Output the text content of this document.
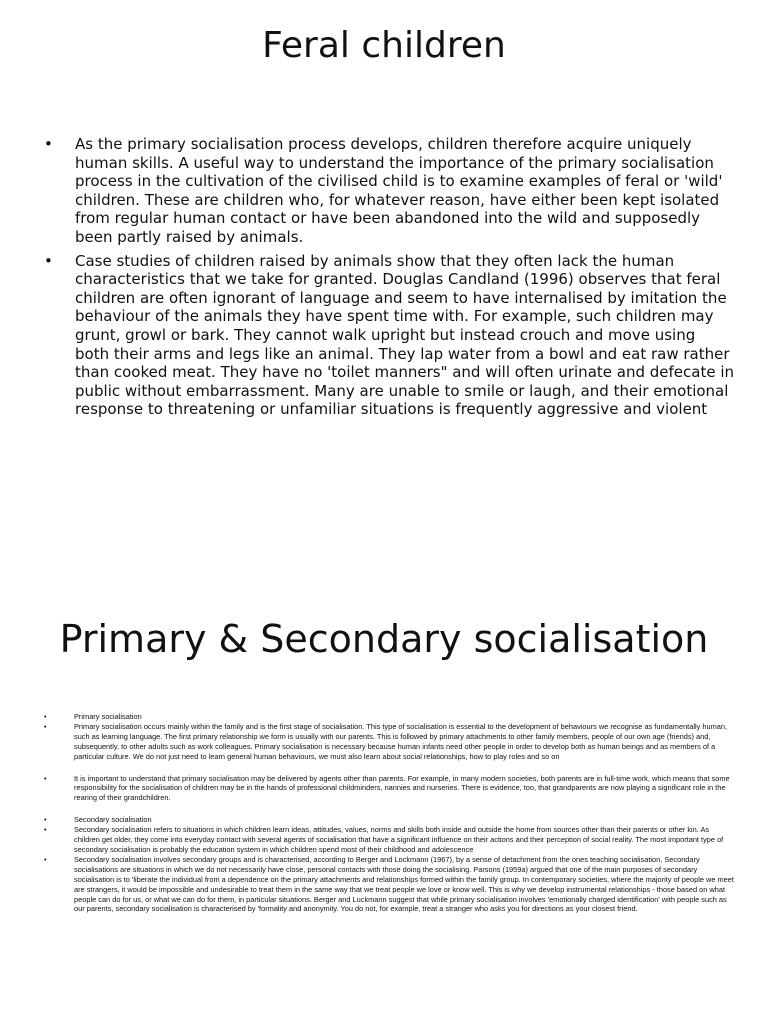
Feral children
• As the primary socialisation process develops, children therefore acquire uniquely human skills. A useful way to understand the importance of the primary socialisation process in the cultivation of the civilised child is to examine examples of feral or 'wild' children. These are children who, for whatever reason, have either been kept isolated from regular human contact or have been abandoned into the wild and supposedly been partly raised by animals.
• Case studies of children raised by animals show that they often lack the human characteristics that we take for granted. Douglas Candland (1996) observes that feral children are often ignorant of language and seem to have internalised by imitation the behaviour of the animals they have spent time with. For example, such children may grunt, growl or bark. They cannot walk upright but instead crouch and move using both their arms and legs like an animal. They lap water from a bowl and eat raw rather than cooked meat. They have no 'toilet manners" and will often urinate and defecate in public without embarrassment. Many are unable to smile or laugh, and their emotional response to threatening or unfamiliar situations is frequently aggressive and violent
Primary & Secondary socialisation
•	Primary socialisation
•	Primary socialisation occurs mainly within the family and is the first stage of socialisation. This type of socialisation is essential to the development of behaviours we recognise as fundamentally human, such as learning language. The first primary relationship we form is usually with our parents. This is followed by primary attachments to other family members, people of our own age (friends) and, subsequently, to other adults such as work colleagues. Primary socialisation is necessary because human infants need other people in order to develop both as human beings and as members of a particular culture. We do not just need to learn general human behaviours, we must also learn about social relationships, how to play roles and so on
•	It is important to understand that primary socialisation may be delivered by agents other than parents. For example, in many modern societies, both parents are in full-time work, which means that some responsibility for the socialisation of children may be in the hands of professional childminders, nannies and nurseries. There is evidence, too, that grandparents are now playing a significant role in the rearing of their grandchildren.
•	Secondary socialisation
•	Secondary socialisation refers to situations in which children learn ideas, attitudes, values, norms and skills both inside and outside the home from sources other than their parents or other kin. As children get older, they come into everyday contact with several agents of socialisation that have a significant influence on their actions and their perception of social reality. The most important type of secondary socialisation is probably the education system in which children spend most of their childhood and adolescence
•	Secondary socialisation involves secondary groups and is characterised, according to Berger and Lockmann (1967), by a sense of detachment from the ones teaching socialisation, Secondary socialisations are situations in which we do not necessarily have close, personal contacts with those doing the socialising. Parsons (1959a) argued that one of the main purposes of secondary socialisation is to 'liberate the individual from a dependence on the primary attachments and relationships formed within the family group. In contemporary societies, where the majority of people we meet are strangers, it would be impossible and undesirable to treat them in the same way that we treat people we love or know well. This is why we develop instrumental relationships - those based on what people can do for us, or what we can do for them, in particular situations. Berger and Luckmann suggest that while primary socialisation involves 'emotionally charged identification' with people such as our parents, secondary socialisation is characterised by 'formality and anonymity. You do not, for example, treat a stranger who asks you for directions as your closest friend.
